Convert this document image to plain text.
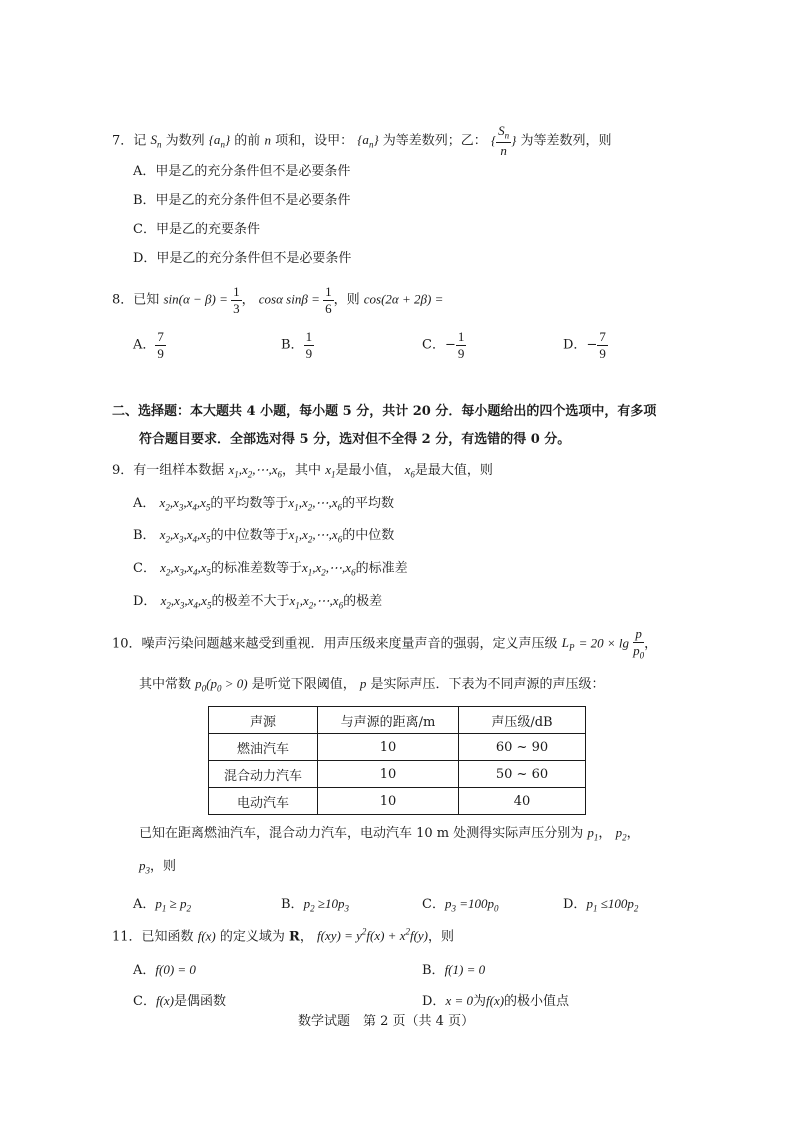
7．记 $S_n$ 为数列 $\{a_n\}$ 的前 n 项和，设甲： $\{a_n\}$ 为等差数列；乙： { $\frac{S_n}{n}$ } 为等差数列，则
A．甲是乙的充分条件但不是必要条件
B．甲是乙的充分条件但不是必要条件
C．甲是乙的充要条件
D．甲是乙的充分条件但不是必要条件
8．已知 $\sin(\alpha - \beta) = \frac{1}{3}$ ， cosα $\sin\beta = \frac{1}{6}$ ，则 cos(2α + 2β) =
A． $\frac{7}{9}$	B． $\frac{1}{9}$	C．− $\frac{1}{9}$	D．− $\frac{7}{9}$
二、选择题：本大题共 4 小题，每小题 5 分，共计 20 分．每小题给出的四个选项中，有多项
符合题目要求．全部选对得 5 分，选对但不全得 2 分，有选错的得 0 分。
9．有一组样本数据 $x_1,x_2,\cdots,x_6$，其中 $x_1$是最小值， $x_6$是最大值，则
A． $x_2,x_3,x_4,x_5$的平均数等于$x_1,x_2,\cdots,x_6$的平均数
B． $x_2,x_3,x_4,x_5$的中位数等于$x_1,x_2,\cdots,x_6$的中位数
C． $x_2,x_3,x_4,x_5$的标准差数等于$x_1,x_2,\cdots,x_6$的标准差
D． $x_2,x_3,x_4,x_5$的极差不大于$x_1,x_2,\cdots,x_6$的极差
10．噪声污染问题越来越受到重视．用声压级来度量声音的强弱，定义声压级 $L_P = 20 \times \lg \frac{p}{p_0}$ ，
其中常数 $p_0(p_0 > 0)$ 是听觉下限阈值， p 是实际声压．下表为不同声源的声压级：
声源	与声源的距离/m	声压级/dB
燃油汽车	10	60 ~ 90
混合动力汽车	10	50 ~ 60
电动汽车	10	40
已知在距离燃油汽车，混合动力汽车，电动汽车 10 m 处测得实际声压分别为 $p_1$， $p_2$，
$p_3$，则
A．$p_1 \ge p_2$	B．$p_2 \ge 10p_3$	C．$p_3 =100p_0$	D．$p_1 \le 100p_2$
11．已知函数 f(x) 的定义域为 R， $f(xy) = y^2f(x) + x^2f(y)$，则
A．f(0) = 0	B．f(1) = 0
C．f(x)是偶函数	D．x = 0为f(x)的极小值点
数学试题　第 2 页（共 4 页）
